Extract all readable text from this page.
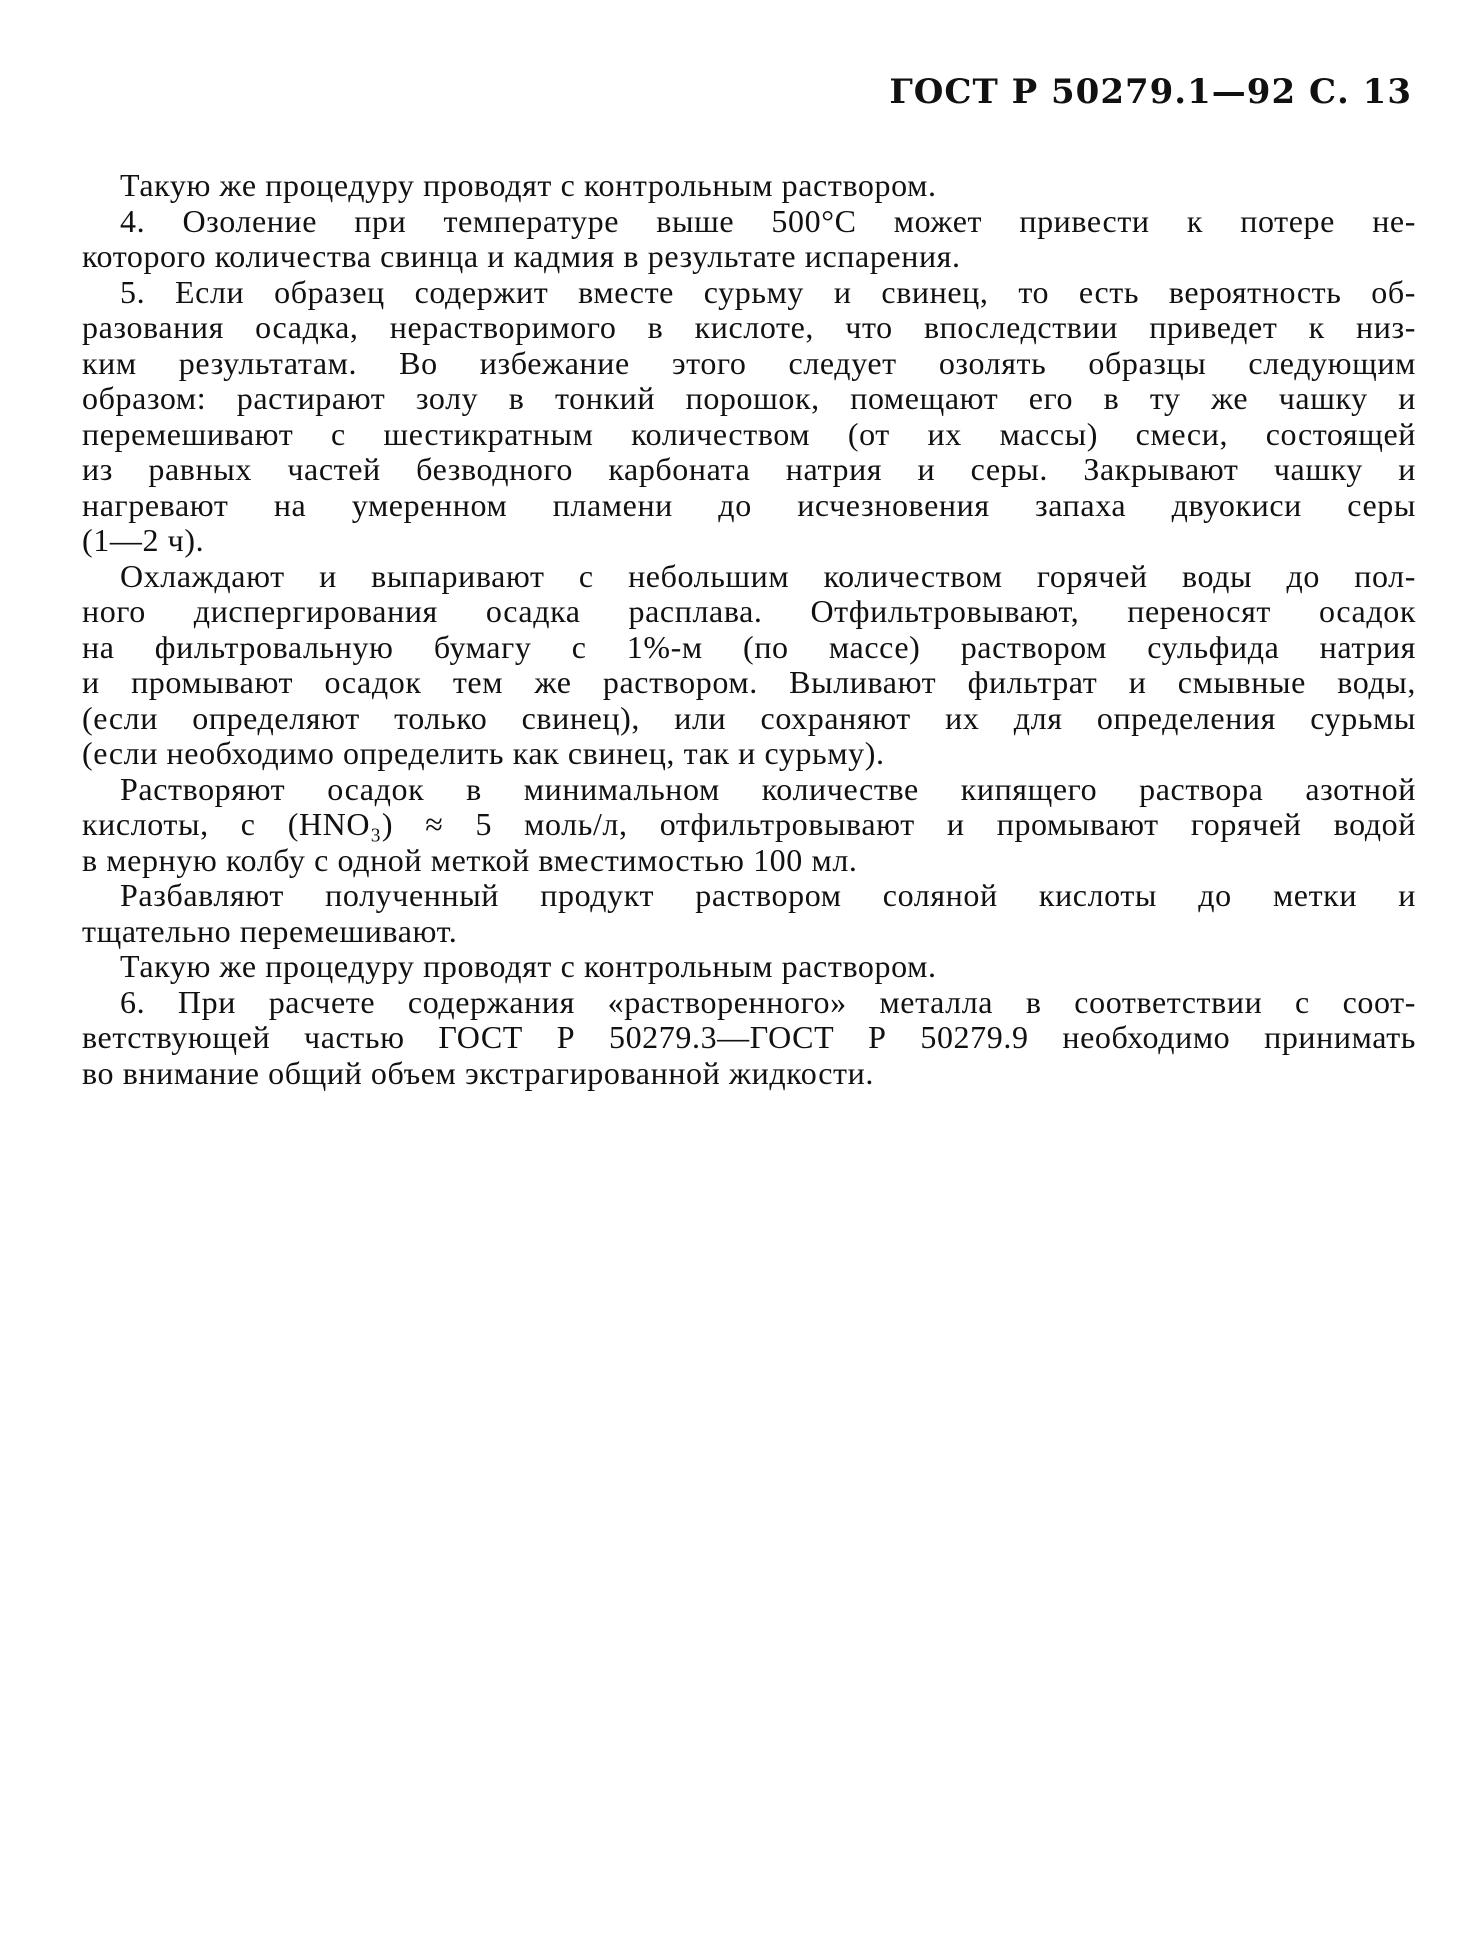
ГОСТ Р 50279.1—92 С. 13

Такую же процедуру проводят с контрольным раствором.

4. Озоление при температуре выше 500°С может привести к потере не-
которого количества свинца и кадмия в результате испарения.

5. Если образец содержит вместе сурьму и свинец, то есть вероятность об-
разования осадка, нерастворимого в кислоте, что впоследствии приведет к низ-
ким результатам. Во избежание этого следует озолять образцы следующим
образом: растирают золу в тонкий порошок, помещают его в ту же чашку и
перемешивают с шестикратным количеством (от их массы) смеси, состоящей
из равных частей безводного карбоната натрия и серы. Закрывают чашку и
нагревают на умеренном пламени до исчезновения запаха двуокиси серы
(1—2 ч).

Охлаждают и выпаривают с небольшим количеством горячей воды до пол-
ного диспергирования осадка расплава. Отфильтровывают, переносят осадок
на фильтровальную бумагу с 1%-м (по массе) раствором сульфида натрия
и промывают осадок тем же раствором. Выливают фильтрат и смывные воды,
(если определяют только свинец), или сохраняют их для определения сурьмы
(если необходимо определить как свинец, так и сурьму).

Растворяют осадок в минимальном количестве кипящего раствора азотной
кислоты, c (HNO₃) ≈ 5 моль/л, отфильтровывают и промывают горячей водой
в мерную колбу с одной меткой вместимостью 100 мл.

Разбавляют полученный продукт раствором соляной кислоты до метки и
тщательно перемешивают.

Такую же процедуру проводят с контрольным раствором.

6. При расчете содержания «растворенного» металла в соответствии с соот-
ветствующей частью ГОСТ Р 50279.3—ГОСТ Р 50279.9 необходимо принимать
во внимание общий объем экстрагированной жидкости.
